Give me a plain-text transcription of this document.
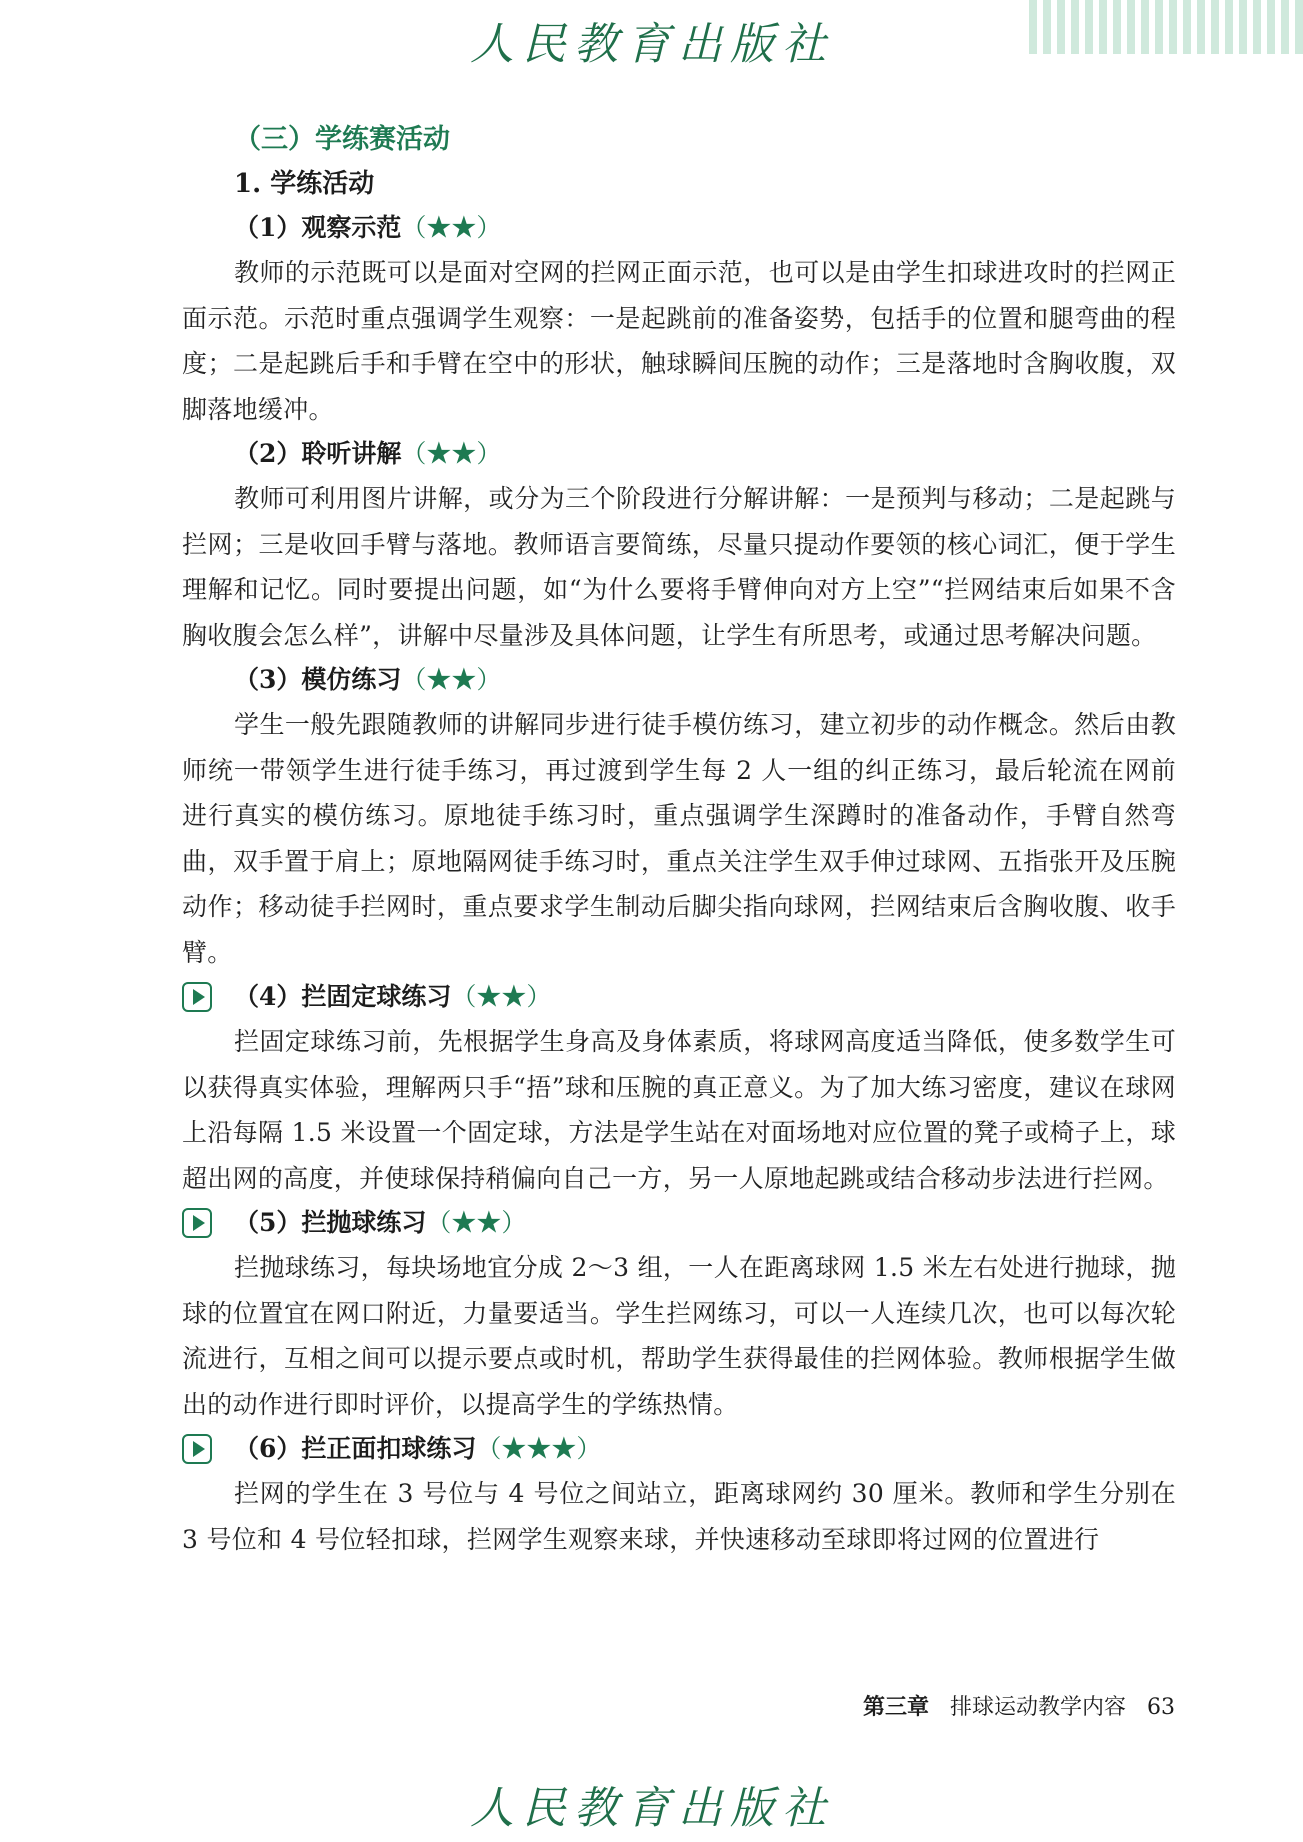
人民教育出版社
（三）学练赛活动
1. 学练活动
（1）观察示范（★★）

教师的示范既可以是面对空网的拦网正面示范，也可以是由学生扣球进攻时的拦网正面示范。示范时重点强调学生观察：一是起跳前的准备姿势，包括手的位置和腿弯曲的程度；二是起跳后手和手臂在空中的形状，触球瞬间压腕的动作；三是落地时含胸收腹，双脚落地缓冲。

（2）聆听讲解（★★）

教师可利用图片讲解，或分为三个阶段进行分解讲解：一是预判与移动；二是起跳与拦网；三是收回手臂与落地。教师语言要简练，尽量只提动作要领的核心词汇，便于学生理解和记忆。同时要提出问题，如“为什么要将手臂伸向对方上空”“拦网结束后如果不含胸收腹会怎么样”，讲解中尽量涉及具体问题，让学生有所思考，或通过思考解决问题。

（3）模仿练习（★★）

学生一般先跟随教师的讲解同步进行徒手模仿练习，建立初步的动作概念。然后由教师统一带领学生进行徒手练习，再过渡到学生每 2 人一组的纠正练习，最后轮流在网前进行真实的模仿练习。原地徒手练习时，重点强调学生深蹲时的准备动作，手臂自然弯曲，双手置于肩上；原地隔网徒手练习时，重点关注学生双手伸过球网、五指张开及压腕动作；移动徒手拦网时，重点要求学生制动后脚尖指向球网，拦网结束后含胸收腹、收手臂。

（4）拦固定球练习（★★）

拦固定球练习前，先根据学生身高及身体素质，将球网高度适当降低，使多数学生可以获得真实体验，理解两只手“捂”球和压腕的真正意义。为了加大练习密度，建议在球网上沿每隔 1.5 米设置一个固定球，方法是学生站在对面场地对应位置的凳子或椅子上，球超出网的高度，并使球保持稍偏向自己一方，另一人原地起跳或结合移动步法进行拦网。

（5）拦抛球练习（★★）

拦抛球练习，每块场地宜分成 2～3 组，一人在距离球网 1.5 米左右处进行抛球，抛球的位置宜在网口附近，力量要适当。学生拦网练习，可以一人连续几次，也可以每次轮流进行，互相之间可以提示要点或时机，帮助学生获得最佳的拦网体验。教师根据学生做出的动作进行即时评价，以提高学生的学练热情。

（6）拦正面扣球练习（★★★）

拦网的学生在 3 号位与 4 号位之间站立，距离球网约 30 厘米。教师和学生分别在 3 号位和 4 号位轻扣球，拦网学生观察来球，并快速移动至球即将过网的位置进行

第三章 排球运动教学内容 63
人民教育出版社
